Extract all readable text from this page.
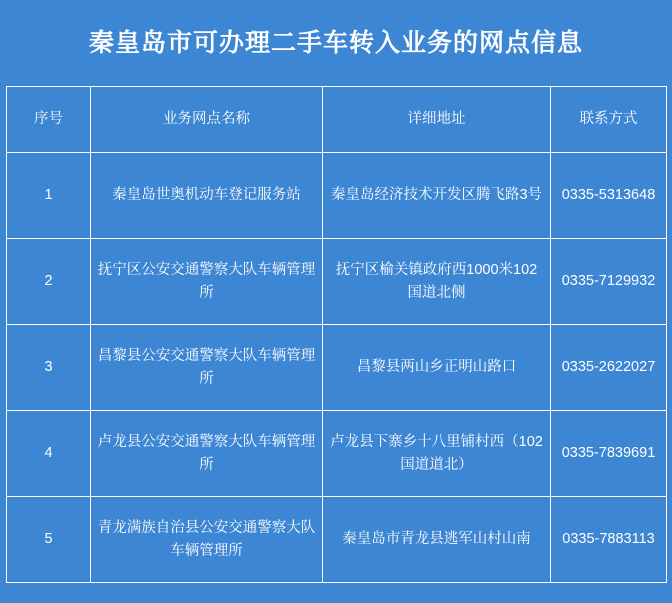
秦皇岛市可办理二手车转入业务的网点信息
序号	业务网点名称	详细地址	联系方式
1	秦皇岛世奥机动车登记服务站	秦皇岛经济技术开发区腾飞路3号	0335-5313648
2	抚宁区公安交通警察大队车辆管理所	抚宁区榆关镇政府西1000米102国道北侧	0335-7129932
3	昌黎县公安交通警察大队车辆管理所	昌黎县两山乡正明山路口	0335-2622027
4	卢龙县公安交通警察大队车辆管理所	卢龙县下寨乡十八里铺村西（102国道道北）	0335-7839691
5	青龙满族自治县公安交通警察大队车辆管理所	秦皇岛市青龙县逃军山村山南	0335-7883113
